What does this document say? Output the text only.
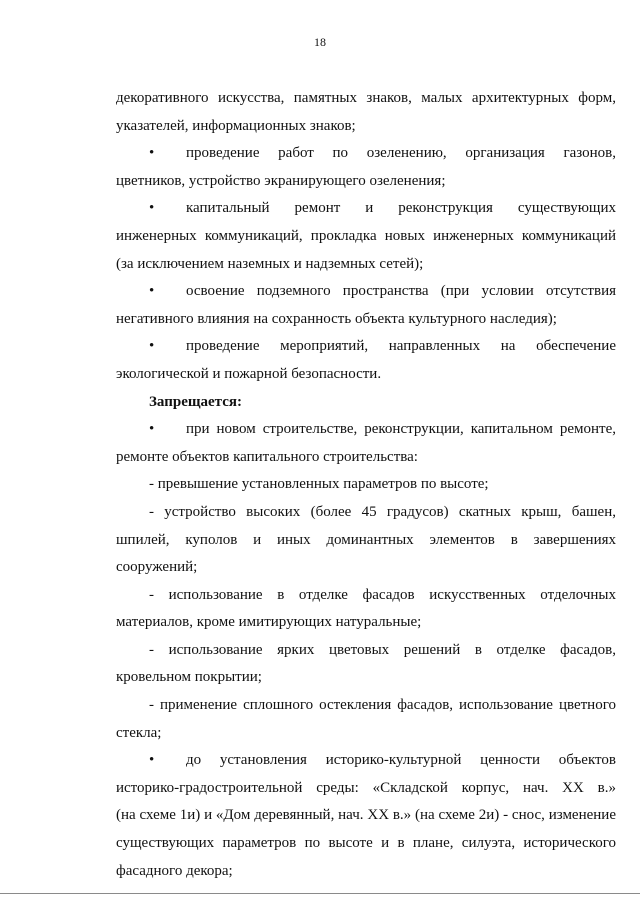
18
декоративного искусства, памятных знаков, малых архитектурных форм,
указателей, информационных знаков;
•	проведение работ по озеленению, организация газонов,
цветников, устройство экранирующего озеленения;
•	капитальный ремонт и реконструкция существующих
инженерных коммуникаций, прокладка новых инженерных коммуникаций
(за исключением наземных и надземных сетей);
•	освоение подземного пространства (при условии отсутствия
негативного влияния на сохранность объекта культурного наследия);
•	проведение мероприятий, направленных на обеспечение
экологической и пожарной безопасности.
Запрещается:
•	при новом строительстве, реконструкции, капитальном ремонте,
ремонте объектов капитального строительства:
- превышение установленных параметров по высоте;
- устройство высоких (более 45 градусов) скатных крыш, башен,
шпилей, куполов и иных доминантных элементов в завершениях
сооружений;
- использование в отделке фасадов искусственных отделочных
материалов, кроме имитирующих натуральные;
- использование ярких цветовых решений в отделке фасадов,
кровельном покрытии;
- применение сплошного остекления фасадов, использование цветного
стекла;
•	до установления историко-культурной ценности объектов
историко-градостроительной среды: «Складской корпус, нач. XX в.»
(на схеме 1и) и «Дом деревянный, нач. XX в.» (на схеме 2и) - снос, изменение
существующих параметров по высоте и в плане, силуэта, исторического
фасадного декора;
